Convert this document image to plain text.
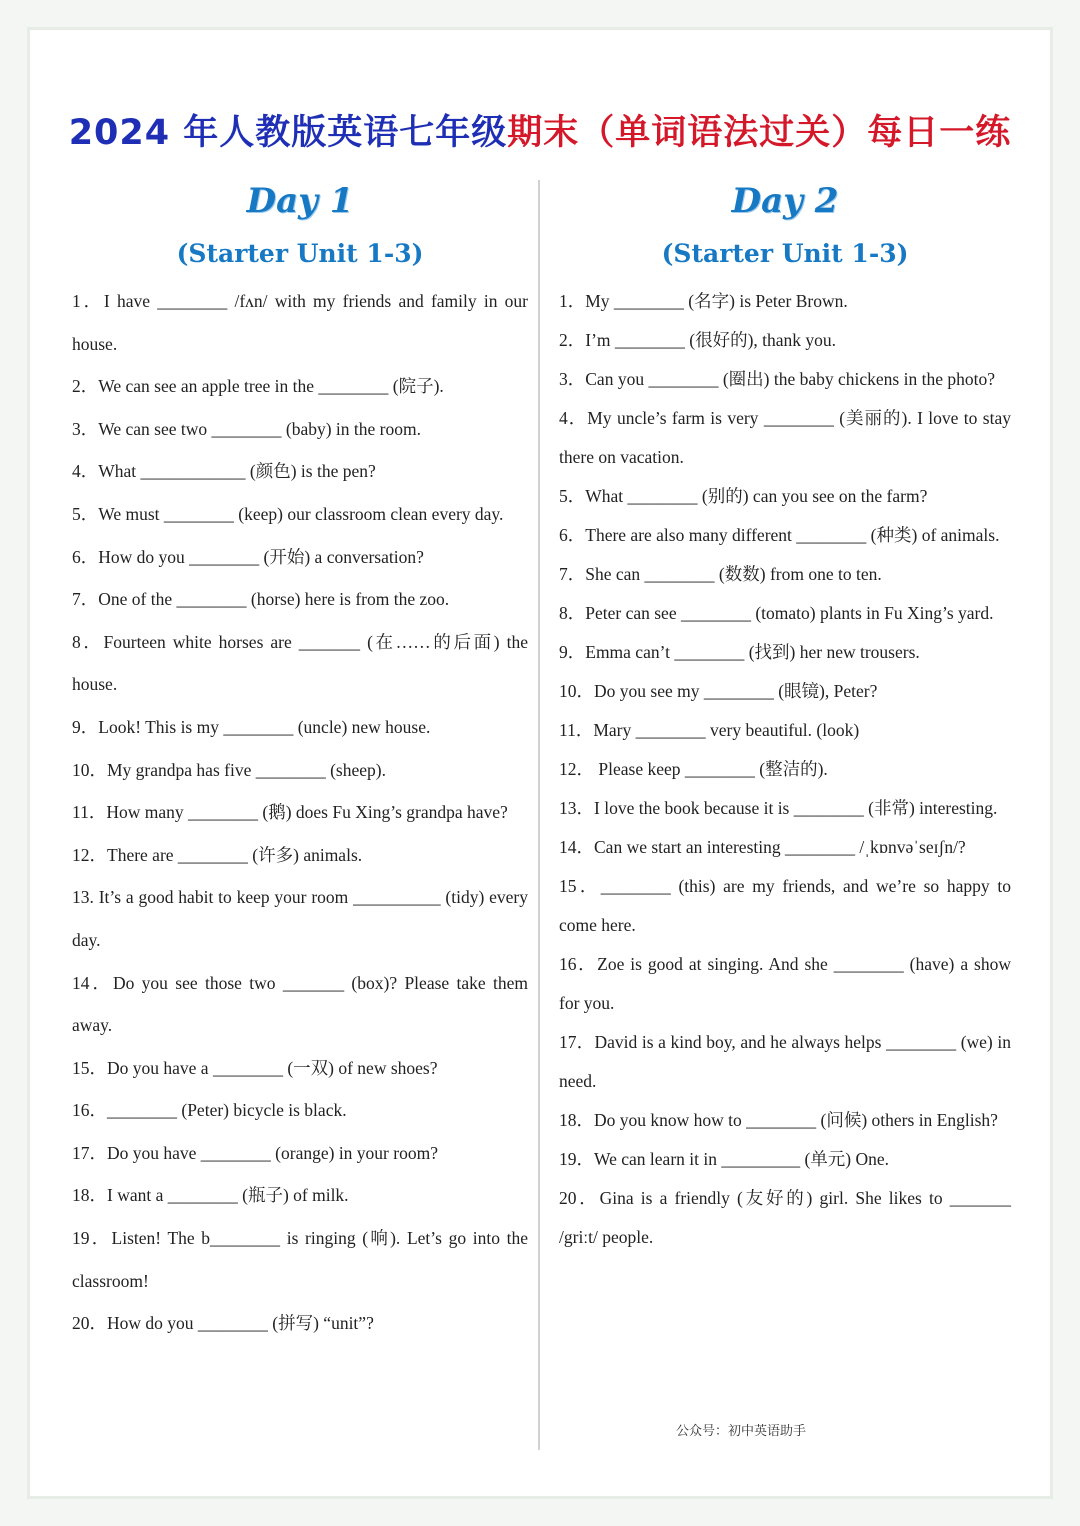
2024 年人教版英语七年级期末（单词语法过关）每日一练
Day 1
(Starter Unit 1-3)
1．I have ________ /fʌn/ with my friends and family in our house.
2．We can see an apple tree in the ________ (院子).
3．We can see two ________ (baby) in the room.
4．What ____________ (颜色) is the pen?
5．We must ________ (keep) our classroom clean every day.
6．How do you ________ (开始) a conversation?
7．One of the ________ (horse) here is from the zoo.
8．Fourteen white horses are _______ (在……的后面) the house.
9．Look! This is my ________ (uncle) new house.
10．My grandpa has five ________ (sheep).
11．How many ________ (鹅) does Fu Xing’s grandpa have?
12．There are ________ (许多) animals.
13. It’s a good habit to keep your room __________ (tidy) every day.
14．Do you see those two _______ (box)? Please take them away.
15．Do you have a ________ (一双) of new shoes?
16．________ (Peter) bicycle is black.
17．Do you have ________ (orange) in your room?
18．I want a ________ (瓶子) of milk.
19．Listen! The b________ is ringing (响). Let’s go into the classroom!
20．How do you ________ (拼写) “unit”?
Day 2
(Starter Unit 1-3)
1．My ________ (名字) is Peter Brown.
2．I’m ________ (很好的), thank you.
3．Can you ________ (圈出) the baby chickens in the photo?
4．My uncle’s farm is very ________ (美丽的). I love to stay there on vacation.
5．What ________ (别的) can you see on the farm?
6．There are also many different ________ (种类) of animals.
7．She can ________ (数数) from one to ten.
8．Peter can see ________ (tomato) plants in Fu Xing’s yard.
9．Emma can’t ________ (找到) her new trousers.
10．Do you see my ________ (眼镜), Peter?
11．Mary ________ very beautiful. (look)
12． Please keep ________ (整洁的).
13．I love the book because it is ________ (非常) interesting.
14．Can we start an interesting ________ /ˌkɒnvəˈseɪʃn/?
15．________ (this) are my friends, and we’re so happy to come here.
16．Zoe is good at singing. And she ________ (have) a show for you.
17．David is a kind boy, and he always helps ________ (we) in need.
18．Do you know how to ________ (问候) others in English?
19．We can learn it in _________ (单元) One.
20．Gina is a friendly (友好的) girl. She likes to _______ /griːt/ people.
公众号：初中英语助手
